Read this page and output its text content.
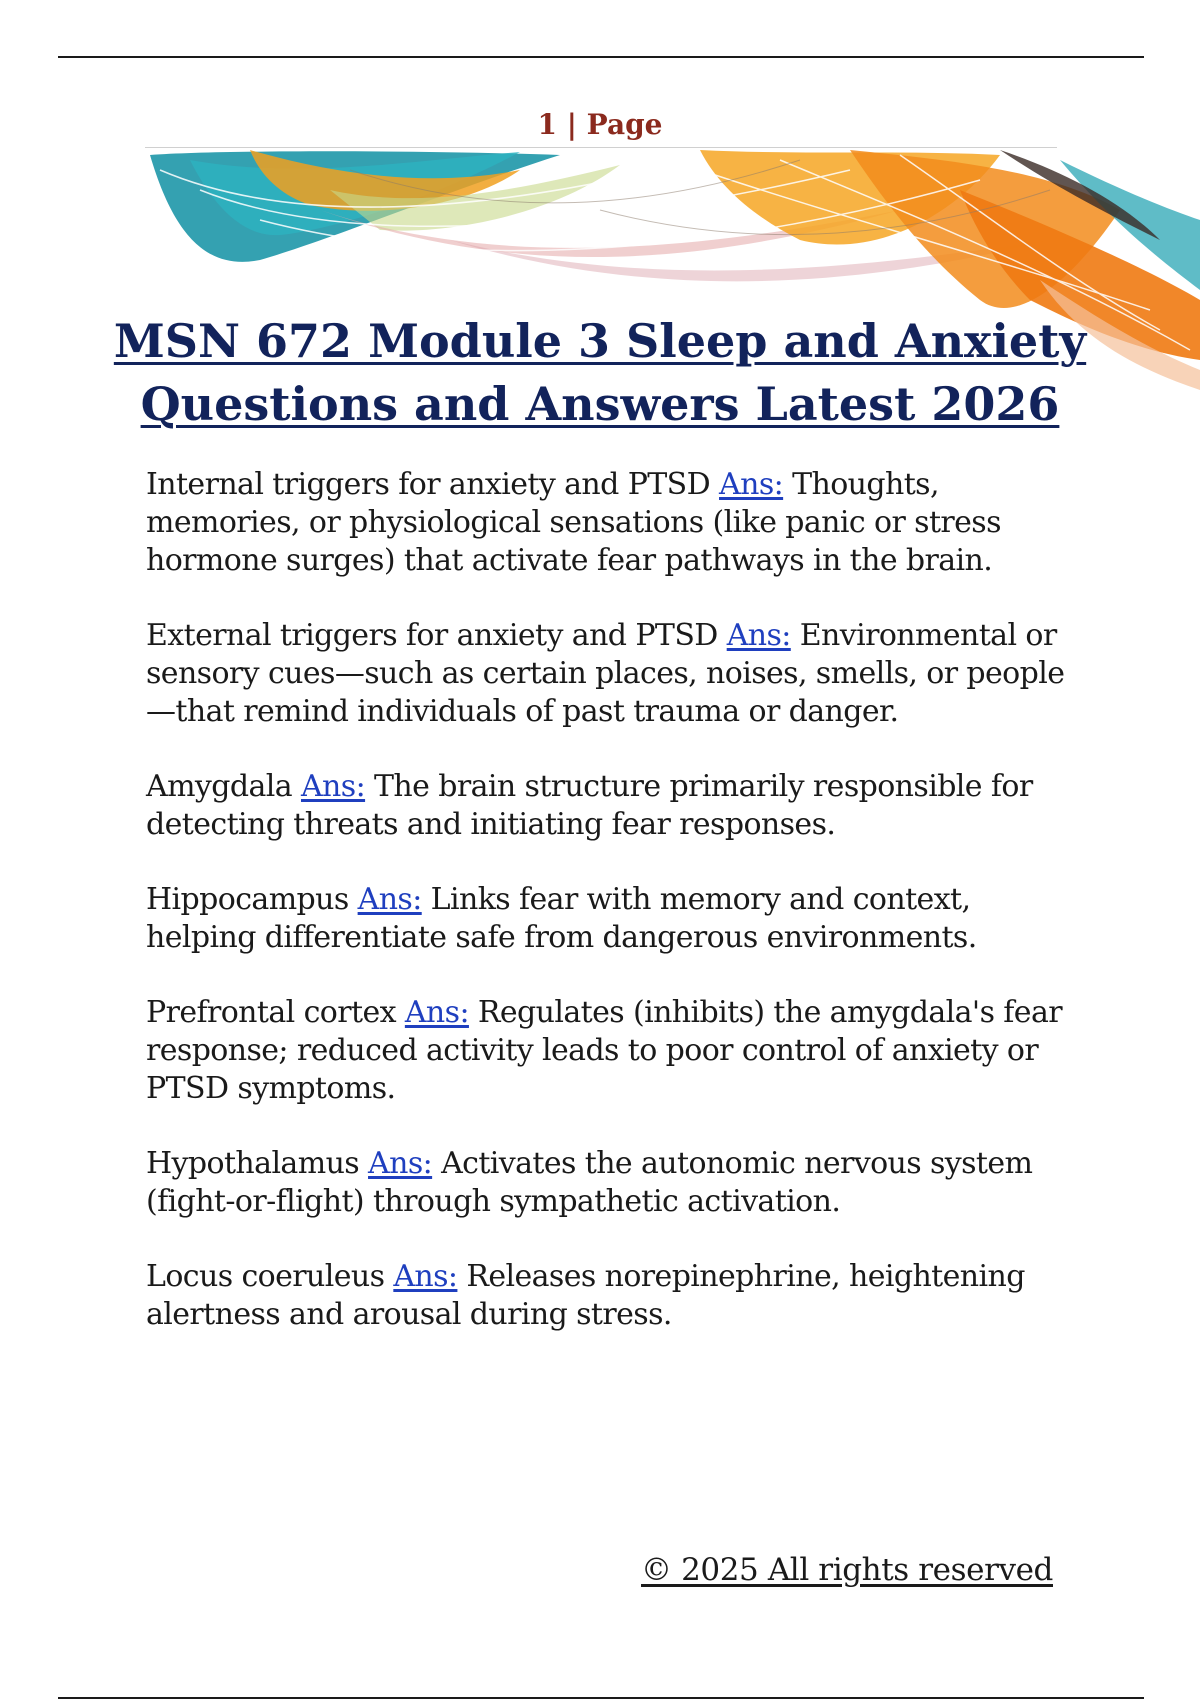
1 | Page
MSN 672 Module 3 Sleep and Anxiety
Questions and Answers Latest 2026

Internal triggers for anxiety and PTSD Ans: Thoughts, memories, or physiological sensations (like panic or stress hormone surges) that activate fear pathways in the brain.

External triggers for anxiety and PTSD Ans: Environmental or sensory cues—such as certain places, noises, smells, or people—that remind individuals of past trauma or danger.

Amygdala Ans: The brain structure primarily responsible for detecting threats and initiating fear responses.

Hippocampus Ans: Links fear with memory and context, helping differentiate safe from dangerous environments.

Prefrontal cortex Ans: Regulates (inhibits) the amygdala's fear response; reduced activity leads to poor control of anxiety or PTSD symptoms.

Hypothalamus Ans: Activates the autonomic nervous system (fight-or-flight) through sympathetic activation.

Locus coeruleus Ans: Releases norepinephrine, heightening alertness and arousal during stress.

© 2025 All rights reserved
